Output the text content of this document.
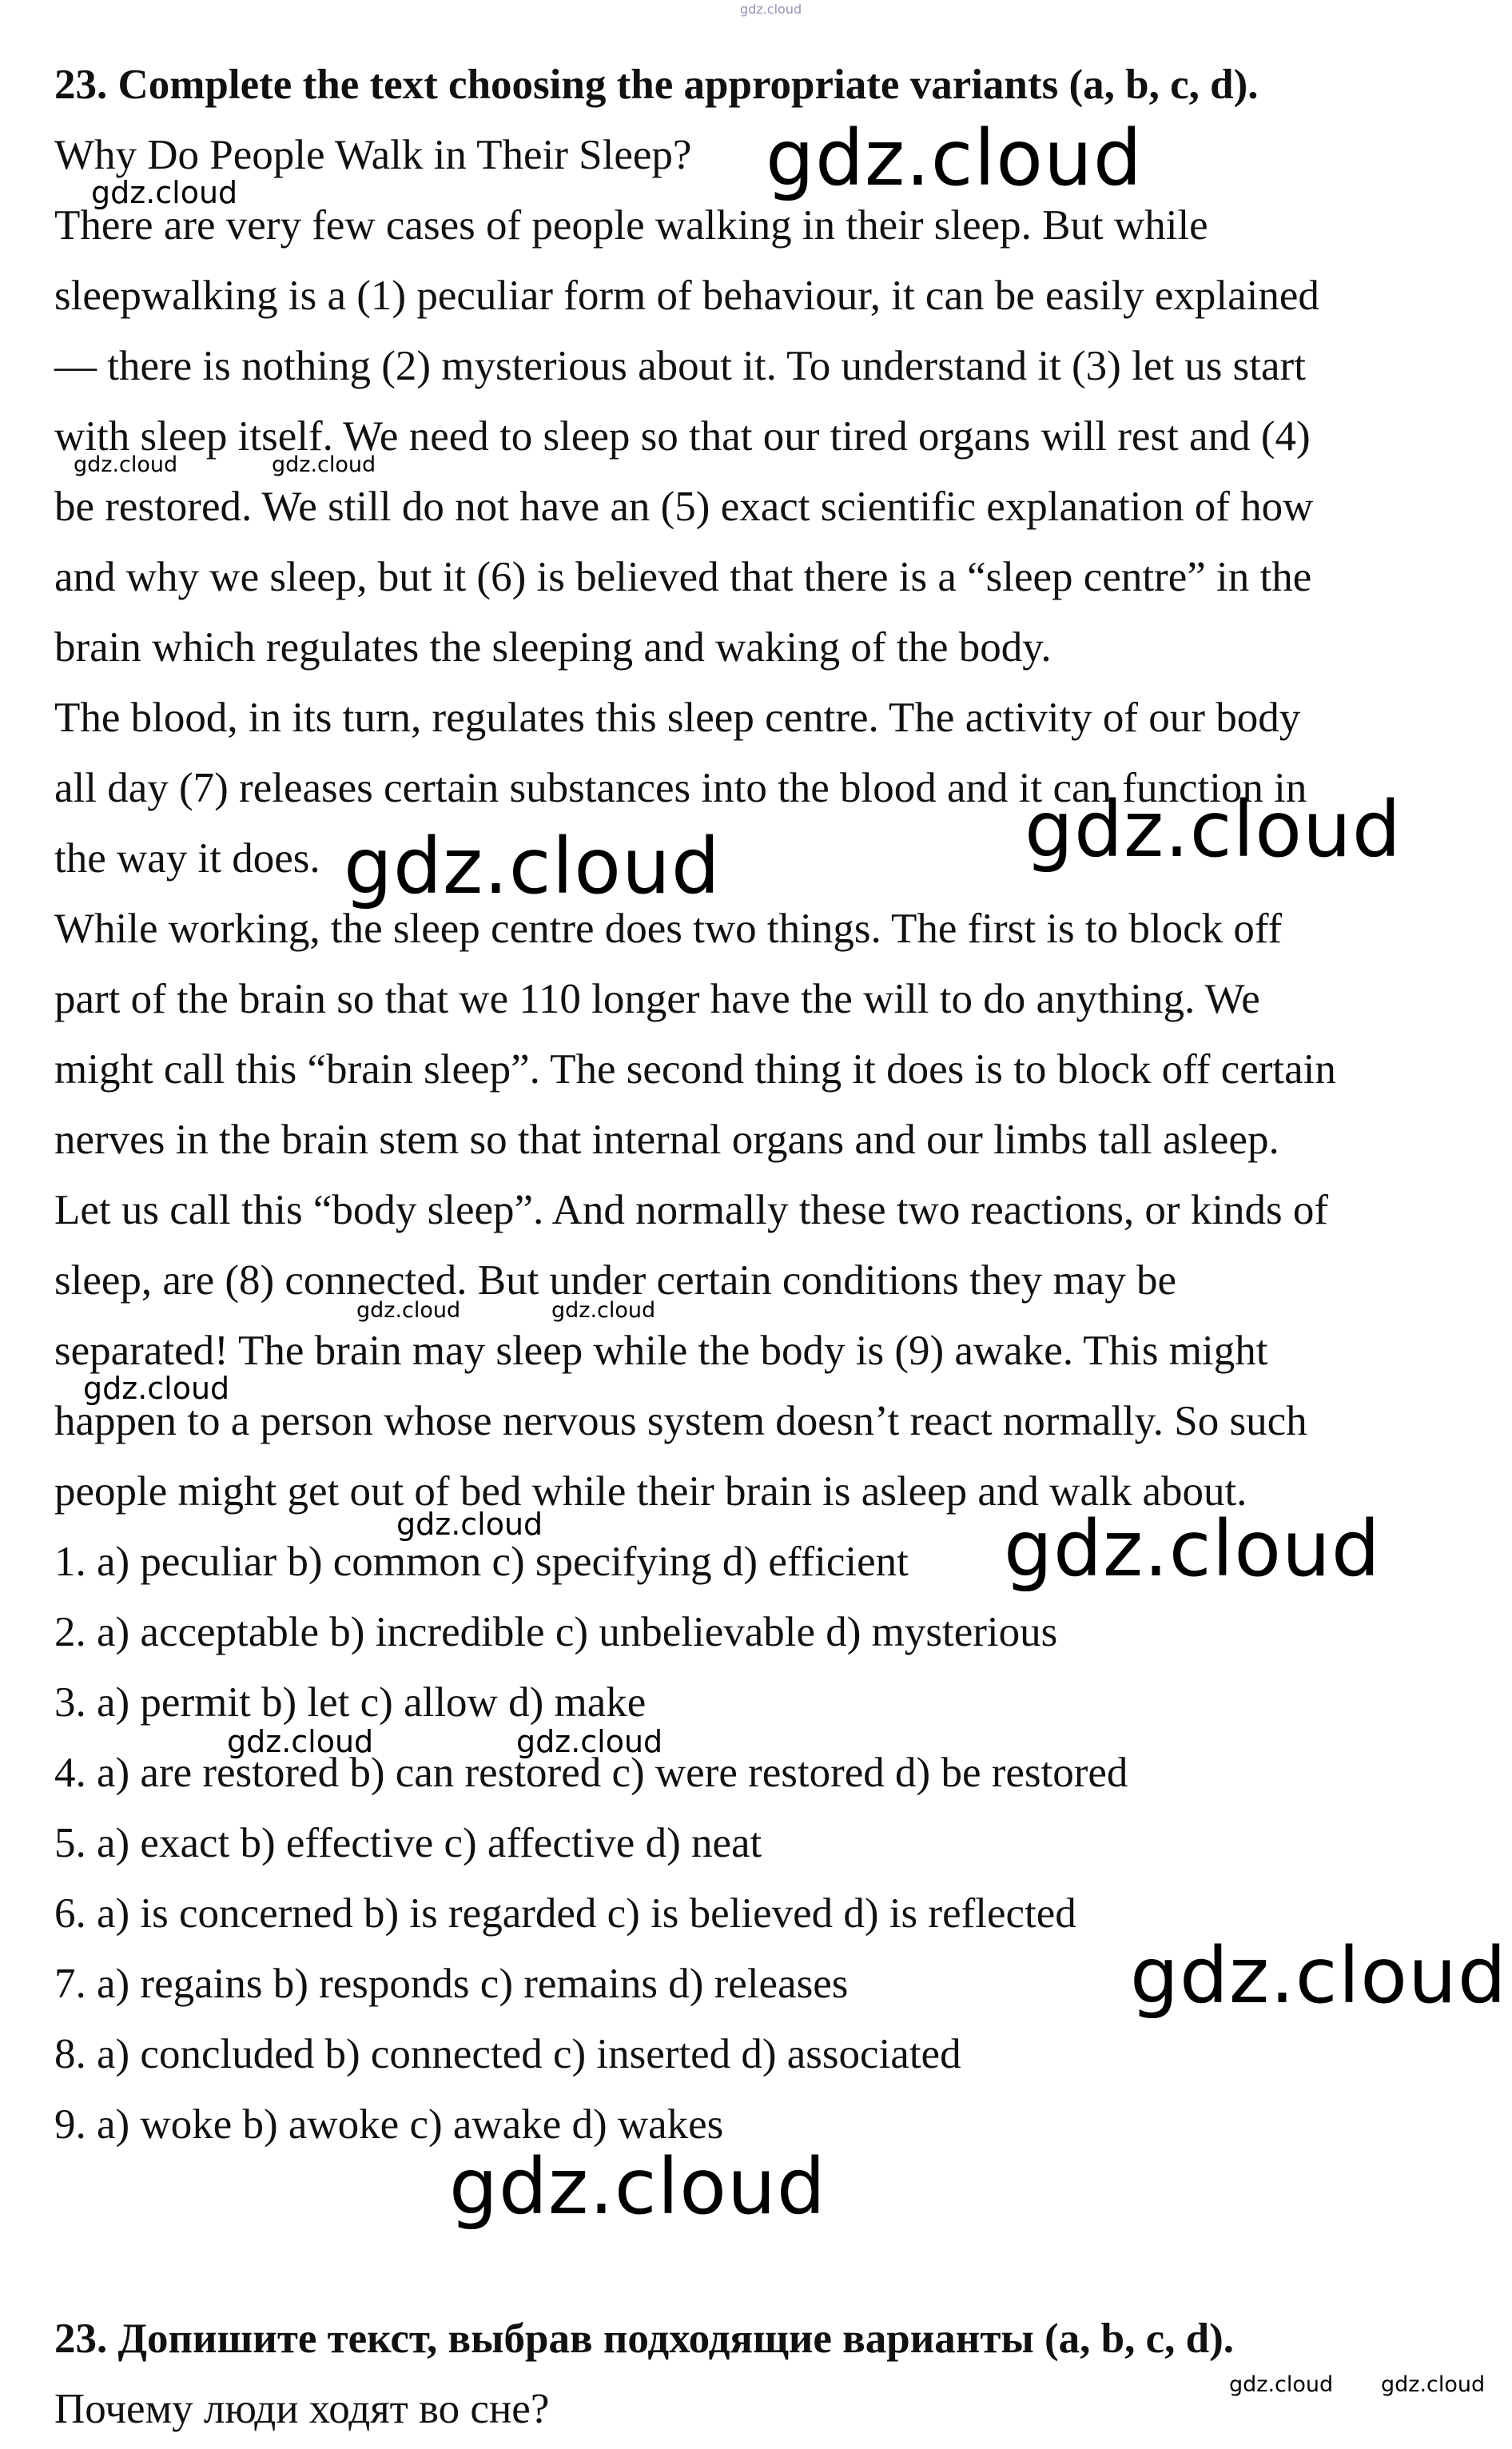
gdz.cloud
23. Complete the text choosing the appropriate variants (a, b, c, d).
Why Do People Walk in Their Sleep?
There are very few cases of people walking in their sleep. But while
sleepwalking is a (1) peculiar form of behaviour, it can be easily explained
— there is nothing (2) mysterious about it. To understand it (3) let us start
with sleep itself. We need to sleep so that our tired organs will rest and (4)
be restored. We still do not have an (5) exact scientific explanation of how
and why we sleep, but it (6) is believed that there is a “sleep centre” in the
brain which regulates the sleeping and waking of the body.
The blood, in its turn, regulates this sleep centre. The activity of our body
all day (7) releases certain substances into the blood and it can function in
the way it does.
While working, the sleep centre does two things. The first is to block off
part of the brain so that we 110 longer have the will to do anything. We
might call this “brain sleep”. The second thing it does is to block off certain
nerves in the brain stem so that internal organs and our limbs tall asleep.
Let us call this “body sleep”. And normally these two reactions, or kinds of
sleep, are (8) connected. But under certain conditions they may be
separated! The brain may sleep while the body is (9) awake. This might
happen to a person whose nervous system doesn’t react normally. So such
people might get out of bed while their brain is asleep and walk about.
1. a) peculiar b) common c) specifying d) efficient
2. a) acceptable b) incredible c) unbelievable d) mysterious
3. a) permit b) let c) allow d) make
4. a) are restored b) can restored c) were restored d) be restored
5. a) exact b) effective c) affective d) neat
6. a) is concerned b) is regarded c) is believed d) is reflected
7. a) regains b) responds c) remains d) releases
8. a) concluded b) connected c) inserted d) associated
9. a) woke b) awoke c) awake d) wakes
23. Допишите текст, выбрав подходящие варианты (a, b, c, d).
Почему люди ходят во сне?
gdz.cloud
gdz.cloud
gdz.cloud	gdz.cloud
gdz.cloud
gdz.cloud
gdz.cloud	gdz.cloud
gdz.cloud
gdz.cloud	gdz.cloud
gdz.cloud	gdz.cloud
gdz.cloud
gdz.cloud
gdz.cloud gdz.cloud
